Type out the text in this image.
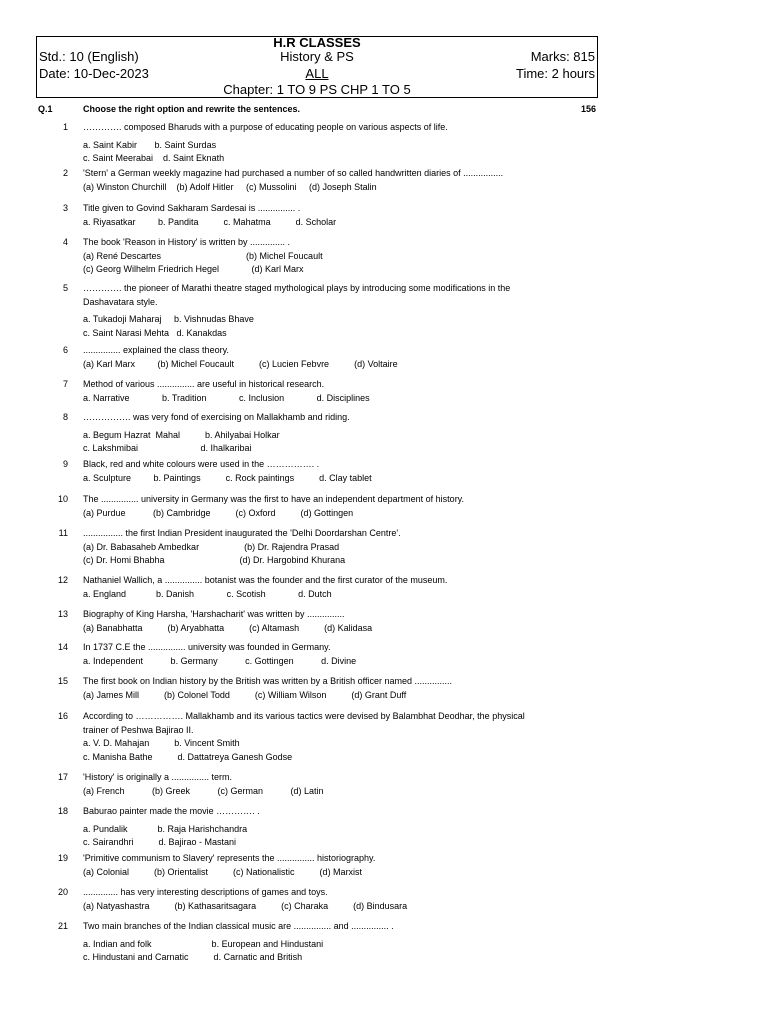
H.R CLASSES
Std.: 10 (English)	History & PS	Marks: 815
Date: 10-Dec-2023	ALL	Time: 2 hours
Chapter: 1 TO 9 PS CHP 1 TO 5
Q.1	Choose the right option and rewrite the sentences.	156
1 …………. composed Bharuds with a purpose of educating people on various aspects of life.
a. Saint Kabir       b. Saint Surdas
c. Saint Meerabai    d. Saint Eknath
2 'Stern' a German weekly magazine had purchased a number of so called handwritten diaries of ................
(a) Winston Churchill    (b) Adolf Hitler     (c) Mussolini     (d) Joseph Stalin
3 Title given to Govind Sakharam Sardesai is ............... .
a. Riyasatkar         b. Pandita          c. Mahatma          d. Scholar
4 The book 'Reason in History' is written by .............. .
(a) René Descartes                                  (b) Michel Foucault
(c) Georg Wilhelm Friedrich Hegel             (d) Karl Marx
5 …………. the pioneer of Marathi theatre staged mythological plays by introducing some modifications in the
Dashavatara style.
a. Tukadoji Maharaj     b. Vishnudas Bhave
c. Saint Narasi Mehta   d. Kanakdas
6 ............... explained the class theory.
(a) Karl Marx         (b) Michel Foucault          (c) Lucien Febvre          (d) Voltaire
7 Method of various ............... are useful in historical research.
a. Narrative             b. Tradition             c. Inclusion             d. Disciplines
8 ……………. was very fond of exercising on Mallakhamb and riding.
a. Begum Hazrat  Mahal          b. Ahilyabai Holkar
c. Lakshmibai                         d. Ihalkaribai
9 Black, red and white colours were used in the ……………. .
a. Sculpture         b. Paintings          c. Rock paintings          d. Clay tablet
10 The ............... university in Germany was the first to have an independent department of history.
(a) Purdue           (b) Cambridge          (c) Oxford          (d) Gottingen
11 ................ the first Indian President inaugurated the 'Delhi Doordarshan Centre'.
(a) Dr. Babasaheb Ambedkar                  (b) Dr. Rajendra Prasad
(c) Dr. Homi Bhabha                              (d) Dr. Hargobind Khurana
12 Nathaniel Wallich, a ............... botanist was the founder and the first curator of the museum.
a. England            b. Danish             c. Scotish             d. Dutch
13 Biography of King Harsha, 'Harshacharit' was written by ...............
(a) Banabhatta          (b) Aryabhatta          (c) Altamash          (d) Kalidasa
14 In 1737 C.E the ............... university was founded in Germany.
a. Independent           b. Germany           c. Gottingen           d. Divine
15 The first book on Indian history by the British was written by a British officer named ...............
(a) James Mill          (b) Colonel Todd          (c) William Wilson          (d) Grant Duff
16 According to ……………. Mallakhamb and its various tactics were devised by Balambhat Deodhar, the physical
trainer of Peshwa Bajirao II.
a. V. D. Mahajan          b. Vincent Smith
c. Manisha Bathe          d. Dattatreya Ganesh Godse
17 'History' is originally a ............... term.
(a) French           (b) Greek           (c) German           (d) Latin
18 Baburao painter made the movie …………. .
a. Pundalik            b. Raja Harishchandra
c. Sairandhri          d. Bajirao - Mastani
19 'Primitive communism to Slavery' represents the ............... historiography.
(a) Colonial          (b) Orientalist          (c) Nationalistic          (d) Marxist
20 .............. has very interesting descriptions of games and toys.
(a) Natyashastra          (b) Kathasaritsagara          (c) Charaka          (d) Bindusara
21 Two main branches of the Indian classical music are ............... and ............... .
a. Indian and folk                        b. European and Hindustani
c. Hindustani and Carnatic          d. Carnatic and British
